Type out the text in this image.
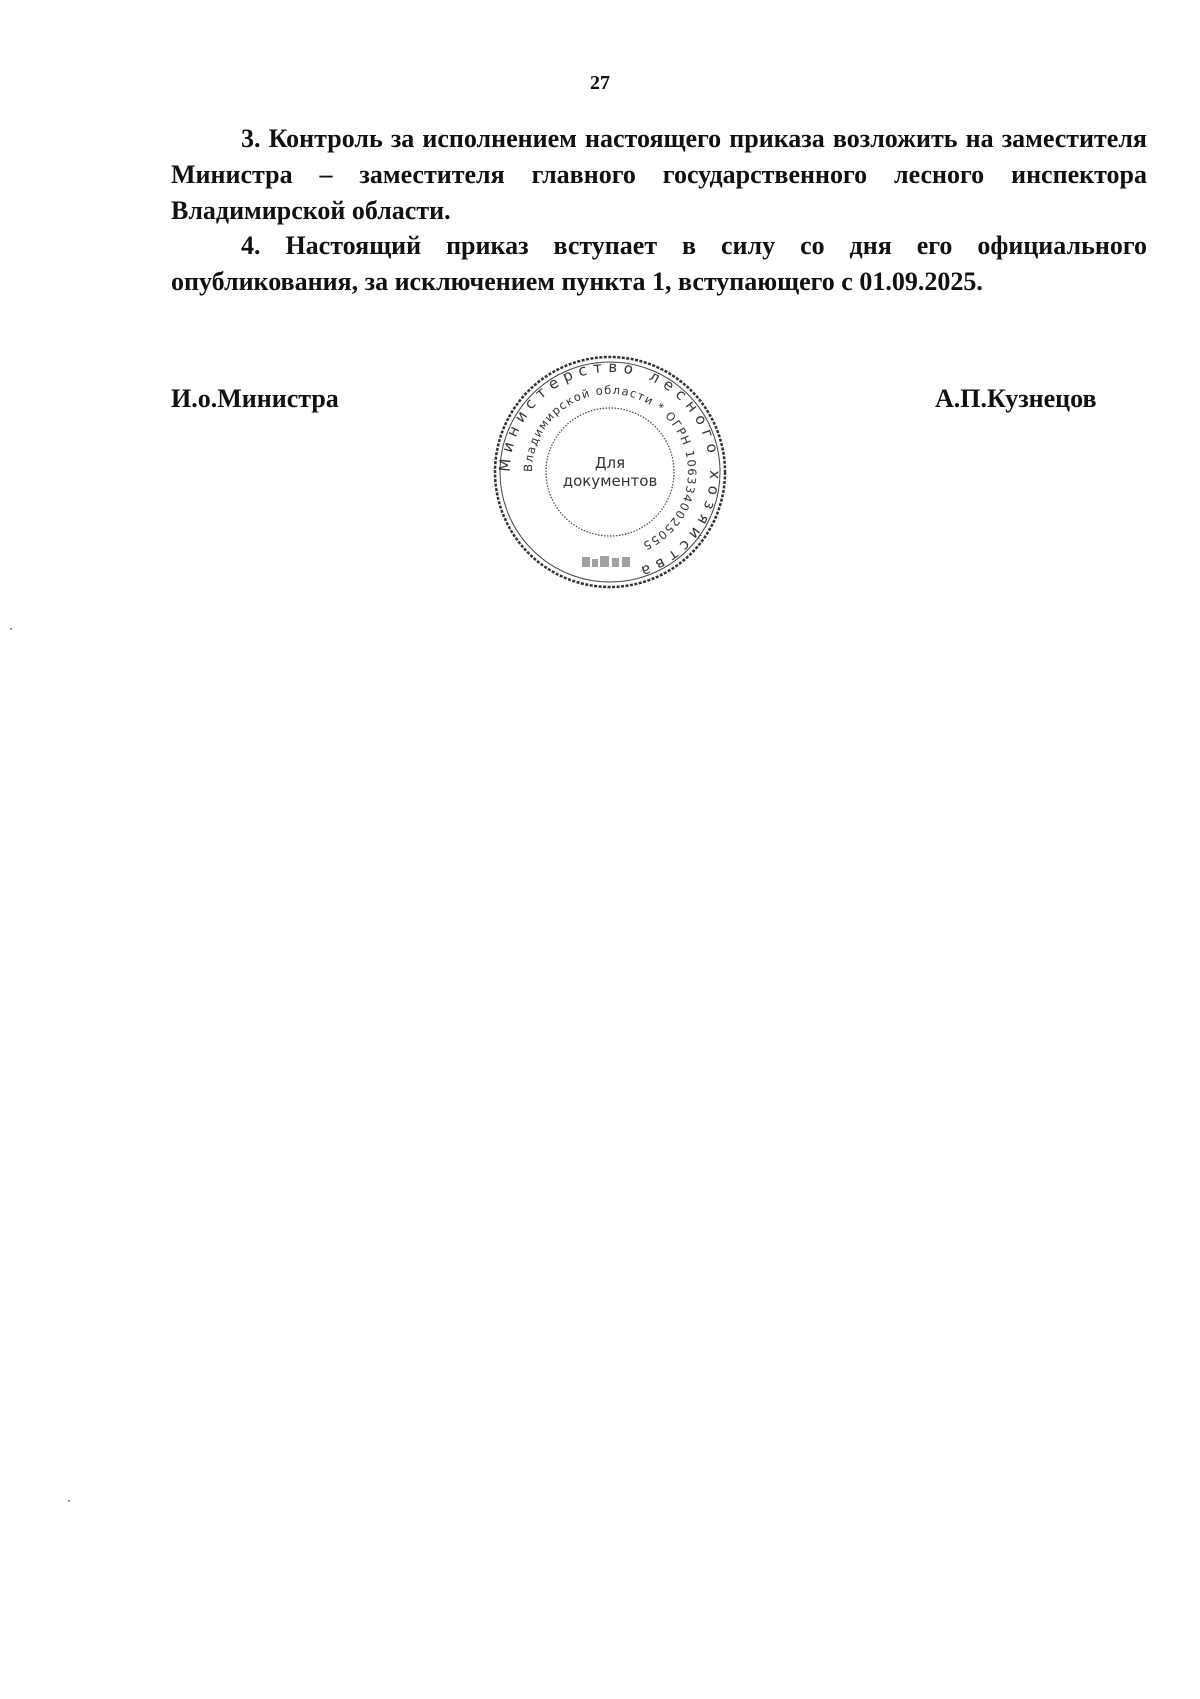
27

3. Контроль за исполнением настоящего приказа возложить на заместителя Министра – заместителя главного государственного лесного инспектора Владимирской области.

4. Настоящий приказ вступает в силу со дня его официального опубликования, за исключением пункта 1, вступающего с 01.09.2025.

И.о.Министра	А.П.Кузнецов
Министерство лесного хозяйства
Владимирской области * ОГРН 1063340025055
Для
документов
